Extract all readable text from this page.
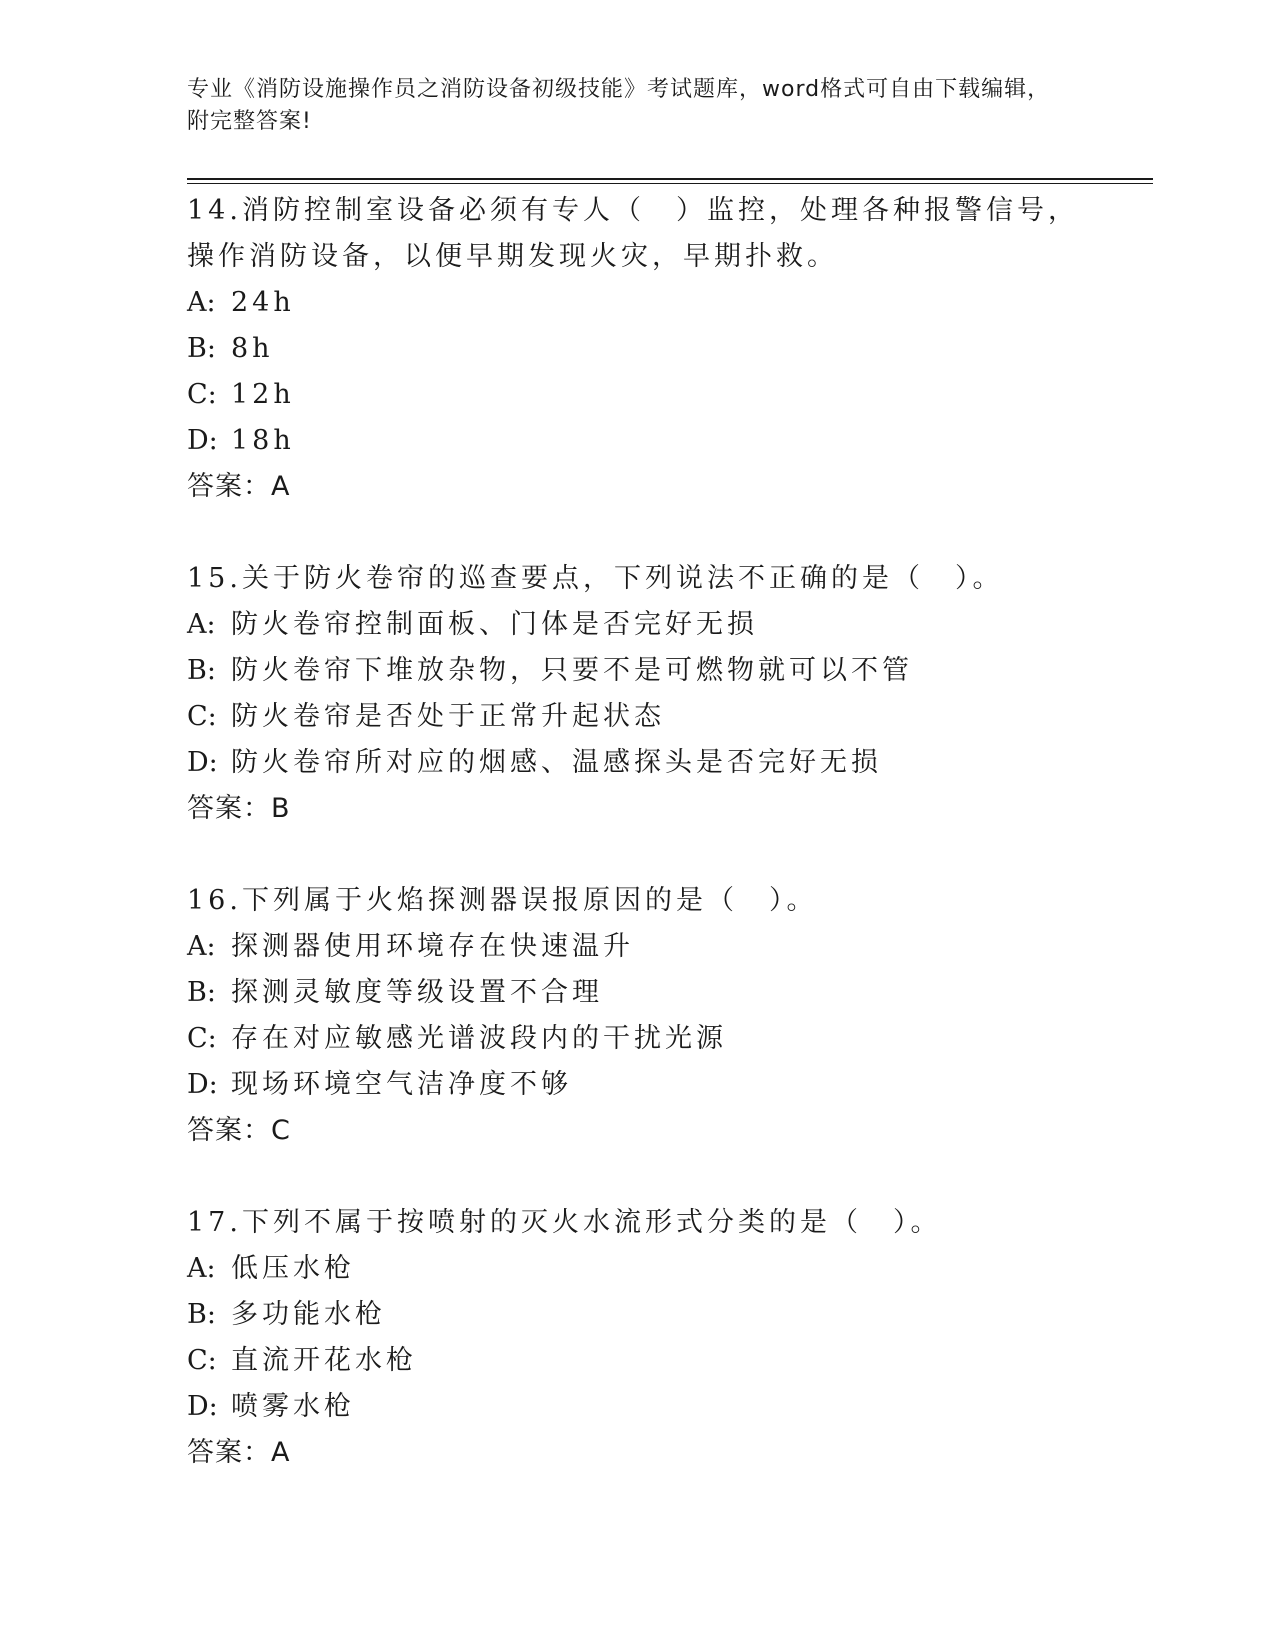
专业《消防设施操作员之消防设备初级技能》考试题库，word格式可自由下载编辑，附完整答案!

14.消防控制室设备必须有专人（　）监控，处理各种报警信号，操作消防设备，以便早期发现火灾，早期扑救。

A: 24h

B: 8h

C: 12h

D: 18h

答案：A

15.关于防火卷帘的巡查要点，下列说法不正确的是（　）。

A: 防火卷帘控制面板、门体是否完好无损

B: 防火卷帘下堆放杂物，只要不是可燃物就可以不管

C: 防火卷帘是否处于正常升起状态

D: 防火卷帘所对应的烟感、温感探头是否完好无损

答案：B

16.下列属于火焰探测器误报原因的是（　）。

A: 探测器使用环境存在快速温升

B: 探测灵敏度等级设置不合理

C: 存在对应敏感光谱波段内的干扰光源

D: 现场环境空气洁净度不够

答案：C

17.下列不属于按喷射的灭火水流形式分类的是（　）。

A: 低压水枪

B: 多功能水枪

C: 直流开花水枪

D: 喷雾水枪

答案：A
